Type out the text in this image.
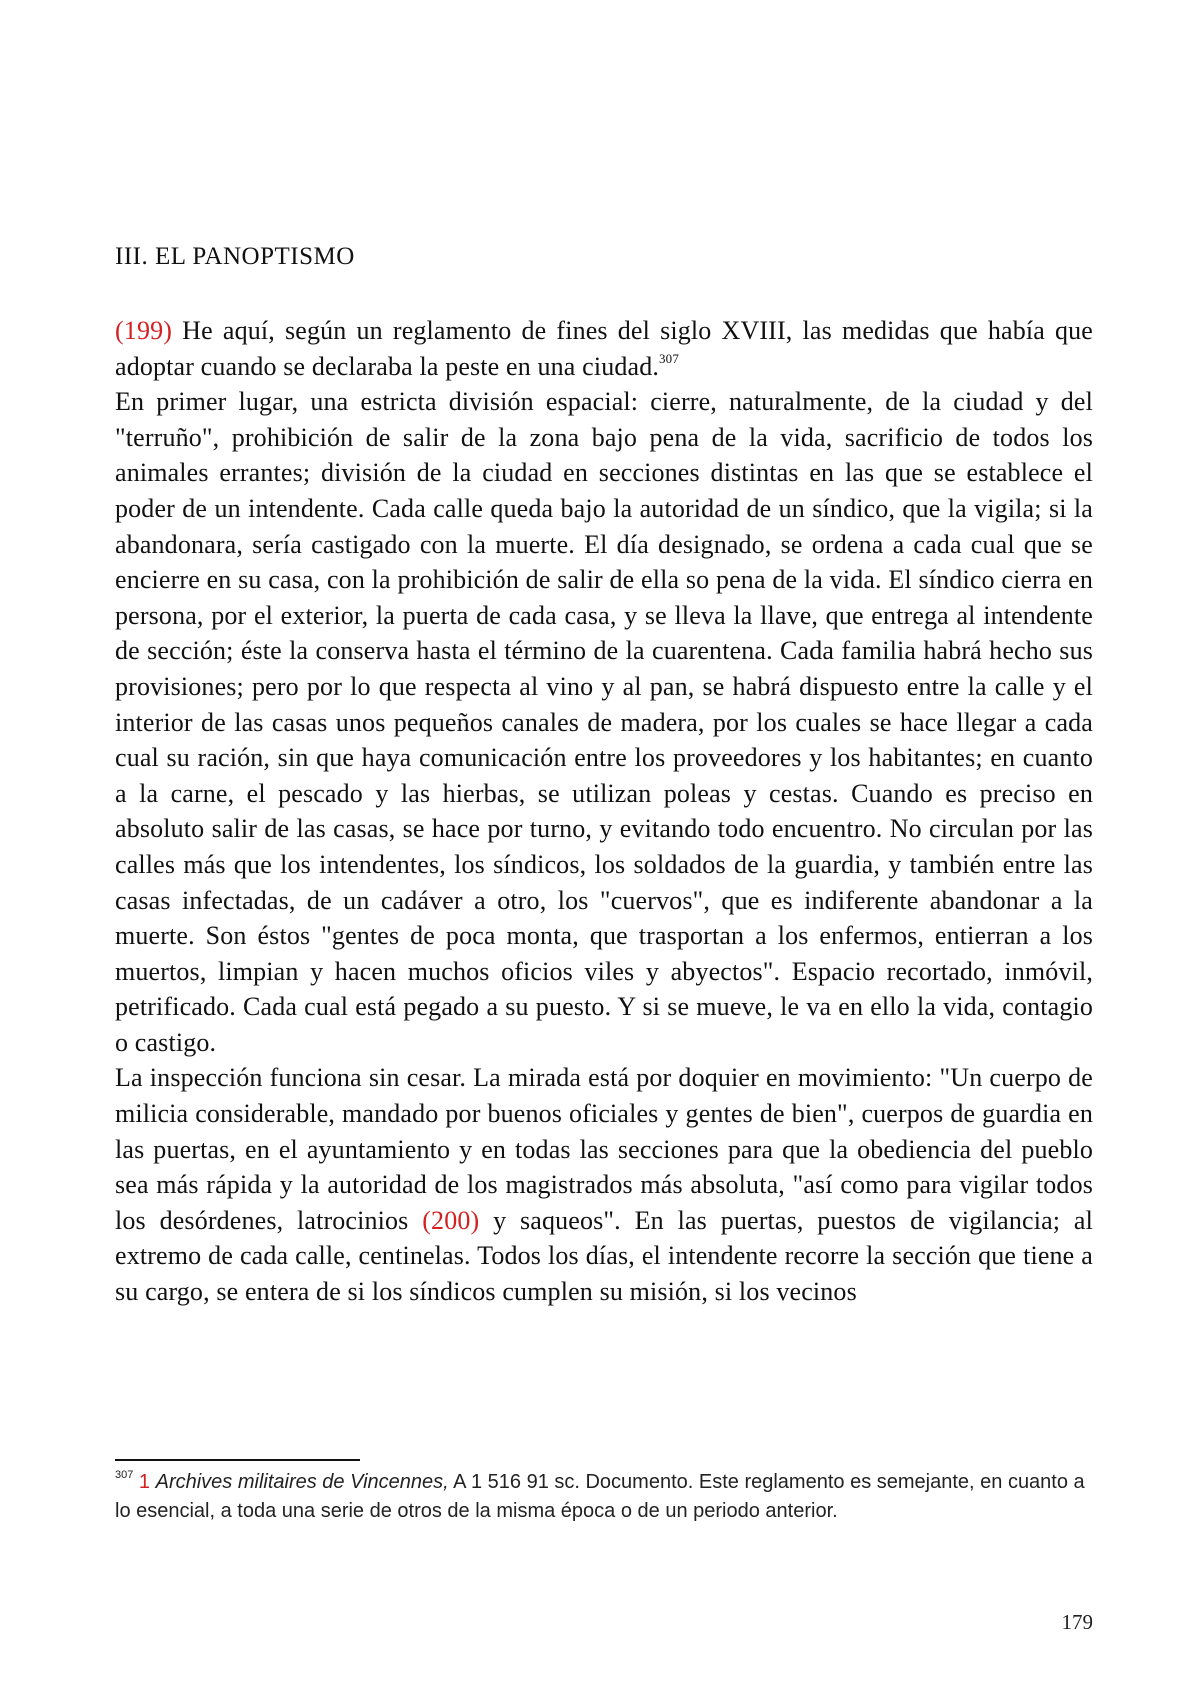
III. EL PANOPTISMO

(199) He aquí, según un reglamento de fines del siglo XVIII, las medidas que había que adoptar cuando se declaraba la peste en una ciudad.$^{307}$

En primer lugar, una estricta división espacial: cierre, naturalmente, de la ciudad y del "terruño", prohibición de salir de la zona bajo pena de la vida, sacrificio de todos los animales errantes; división de la ciudad en secciones distintas en las que se establece el poder de un intendente. Cada calle queda bajo la autoridad de un síndico, que la vigila; si la abandonara, sería castigado con la muerte. El día designado, se ordena a cada cual que se encierre en su casa, con la prohibición de salir de ella so pena de la vida. El síndico cierra en persona, por el exterior, la puerta de cada casa, y se lleva la llave, que entrega al intendente de sección; éste la conserva hasta el término de la cuarentena. Cada familia habrá hecho sus provisiones; pero por lo que respecta al vino y al pan, se habrá dispuesto entre la calle y el interior de las casas unos pequeños canales de madera, por los cuales se hace llegar a cada cual su ración, sin que haya comunicación entre los proveedores y los habitantes; en cuanto a la carne, el pescado y las hierbas, se utilizan poleas y cestas. Cuando es preciso en absoluto salir de las casas, se hace por turno, y evitando todo encuentro. No circulan por las calles más que los intendentes, los síndicos, los soldados de la guardia, y también entre las casas infectadas, de un cadáver a otro, los "cuervos", que es indiferente abandonar a la muerte. Son éstos "gentes de poca monta, que trasportan a los enfermos, entierran a los muertos, limpian y hacen muchos oficios viles y abyectos". Espacio recortado, inmóvil, petrificado. Cada cual está pegado a su puesto. Y si se mueve, le va en ello la vida, contagio o castigo.

La inspección funciona sin cesar. La mirada está por doquier en movimiento: "Un cuerpo de milicia considerable, mandado por buenos oficiales y gentes de bien", cuerpos de guardia en las puertas, en el ayuntamiento y en todas las secciones para que la obediencia del pueblo sea más rápida y la autoridad de los magistrados más absoluta, "así como para vigilar todos los desórdenes, latrocinios (200) y saqueos". En las puertas, puestos de vigilancia; al extremo de cada calle, centinelas. Todos los días, el intendente recorre la sección que tiene a su cargo, se entera de si los síndicos cumplen su misión, si los vecinos

$^{307}$ 1 Archives militaires de Vincennes, A 1 516 91 sc. Documento. Este reglamento es semejante, en cuanto a lo esencial, a toda una serie de otros de la misma época o de un periodo anterior.
179
